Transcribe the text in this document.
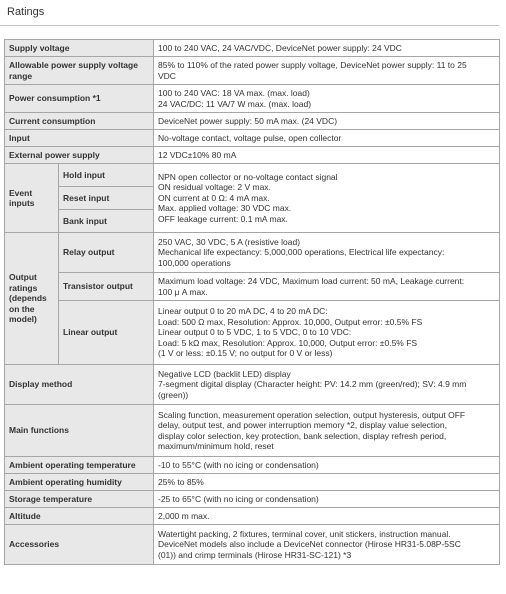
Ratings
Supply voltage		100 to 240 VAC, 24 VAC/VDC, DeviceNet power supply: 24 VDC
Allowable power supply voltage range		85% to 110% of the rated power supply voltage, DeviceNet power supply: 11 to 25
VDC

Power consumption *1		100 to 240 VAC: 18 VA max. (max. load)
24 VAC/DC: 11 VA/7 W max. (max. load)

Current consumption		DeviceNet power supply: 50 mA max. (24 VDC)
Input		No-voltage contact, voltage pulse, open collector
External power supply		12 VDC±10% 80 mA
Event inputs	Hold input	NPN open collector or no-voltage contact signal
ON residual voltage: 2 V max.
ON current at 0 Ω: 4 mA max.
Max. applied voltage: 30 VDC max.
OFF leakage current: 0.1 mA max.

	Reset input	
	Bank input	
Output ratings (depends on the model)	Relay output	250 VAC, 30 VDC, 5 A (resistive load)
Mechanical life expectancy: 5,000,000 operations, Electrical life expectancy:
100,000 operations

	Transistor output	Maximum load voltage: 24 VDC, Maximum load current: 50 mA, Leakage current:
100 μ A max.

	Linear output	Linear output 0 to 20 mA DC, 4 to 20 mA DC:
Load: 500 Ω max, Resolution: Approx. 10,000, Output error: ±0.5% FS
Linear output 0 to 5 VDC, 1 to 5 VDC, 0 to 10 VDC:
Load: 5 kΩ max, Resolution: Approx. 10,000, Output error: ±0.5% FS
(1 V or less: ±0.15 V; no output for 0 V or less)

Display method		Negative LCD (backlit LED) display
7-segment digital display (Character height: PV: 14.2 mm (green/red); SV: 4.9 mm
(green))

Main functions		Scaling function, measurement operation selection, output hysteresis, output OFF
delay, output test, and power interruption memory *2, display value selection,
display color selection, key protection, bank selection, display refresh period,
maximum/minimum hold, reset

Ambient operating temperature		-10 to 55°C (with no icing or condensation)
Ambient operating humidity		25% to 85%
Storage temperature		-25 to 65°C (with no icing or condensation)
Altitude		2,000 m max.
Accessories		Watertight packing, 2 fixtures, terminal cover, unit stickers, instruction manual.
DeviceNet models also include a DeviceNet connector (Hirose HR31-5.08P-5SC
(01)) and crimp terminals (Hirose HR31-SC-121) *3
